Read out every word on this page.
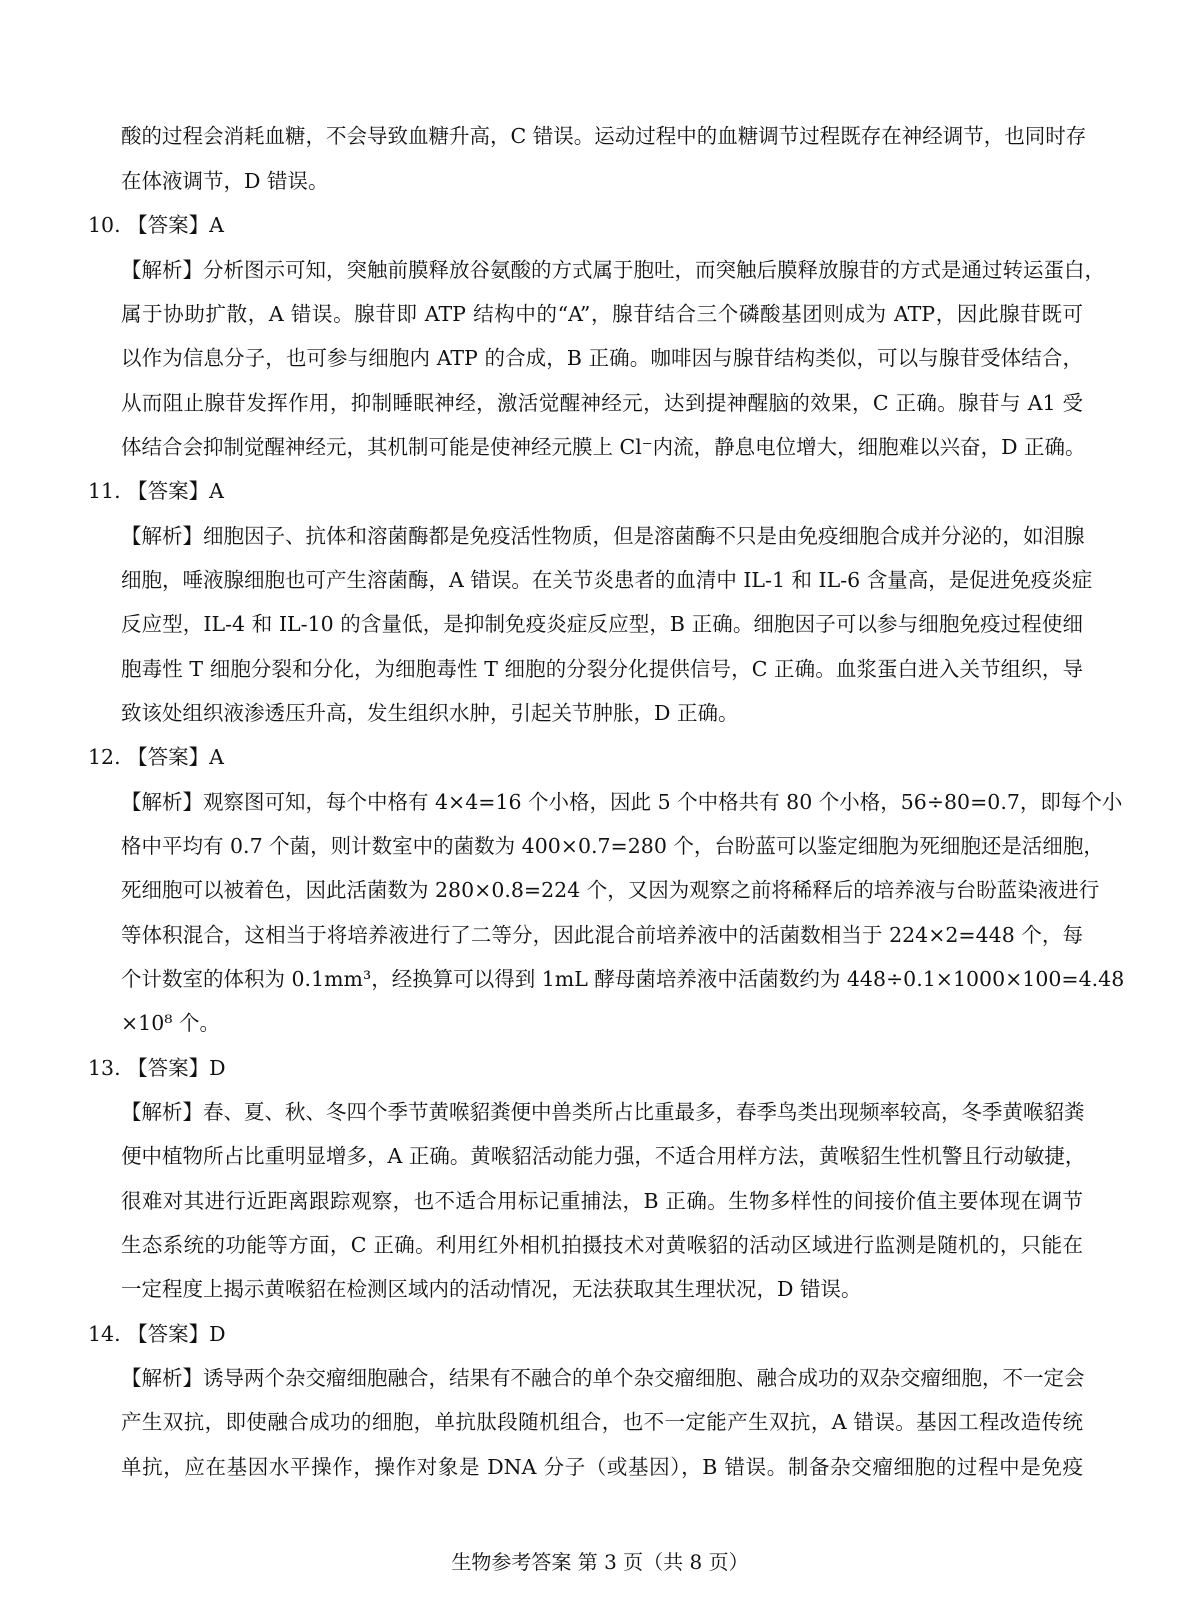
酸的过程会消耗血糖，不会导致血糖升高，C 错误。运动过程中的血糖调节过程既存在神经调节，也同时存
在体液调节，D 错误。
10. 【答案】A
【解析】分析图示可知，突触前膜释放谷氨酸的方式属于胞吐，而突触后膜释放腺苷的方式是通过转运蛋白，
属于协助扩散，A 错误。腺苷即 ATP 结构中的“A”，腺苷结合三个磷酸基团则成为 ATP，因此腺苷既可
以作为信息分子，也可参与细胞内 ATP 的合成，B 正确。咖啡因与腺苷结构类似，可以与腺苷受体结合，
从而阻止腺苷发挥作用，抑制睡眠神经，激活觉醒神经元，达到提神醒脑的效果，C 正确。腺苷与 A1 受
体结合会抑制觉醒神经元，其机制可能是使神经元膜上 Cl⁻内流，静息电位增大，细胞难以兴奋，D 正确。
11. 【答案】A
【解析】细胞因子、抗体和溶菌酶都是免疫活性物质，但是溶菌酶不只是由免疫细胞合成并分泌的，如泪腺
细胞，唾液腺细胞也可产生溶菌酶，A 错误。在关节炎患者的血清中 IL-1 和 IL-6 含量高，是促进免疫炎症
反应型，IL-4 和 IL-10 的含量低，是抑制免疫炎症反应型，B 正确。细胞因子可以参与细胞免疫过程使细
胞毒性 T 细胞分裂和分化，为细胞毒性 T 细胞的分裂分化提供信号，C 正确。血浆蛋白进入关节组织，导
致该处组织液渗透压升高，发生组织水肿，引起关节肿胀，D 正确。
12. 【答案】A
【解析】观察图可知，每个中格有 4×4=16 个小格，因此 5 个中格共有 80 个小格，56÷80=0.7，即每个小
格中平均有 0.7 个菌，则计数室中的菌数为 400×0.7=280 个，台盼蓝可以鉴定细胞为死细胞还是活细胞，
死细胞可以被着色，因此活菌数为 280×0.8=224 个，又因为观察之前将稀释后的培养液与台盼蓝染液进行
等体积混合，这相当于将培养液进行了二等分，因此混合前培养液中的活菌数相当于 224×2=448 个，每
个计数室的体积为 0.1mm³，经换算可以得到 1mL 酵母菌培养液中活菌数约为 448÷0.1×1000×100=4.48
×10⁸ 个。
13. 【答案】D
【解析】春、夏、秋、冬四个季节黄喉貂粪便中兽类所占比重最多，春季鸟类出现频率较高，冬季黄喉貂粪
便中植物所占比重明显增多，A 正确。黄喉貂活动能力强，不适合用样方法，黄喉貂生性机警且行动敏捷，
很难对其进行近距离跟踪观察，也不适合用标记重捕法，B 正确。生物多样性的间接价值主要体现在调节
生态系统的功能等方面，C 正确。利用红外相机拍摄技术对黄喉貂的活动区域进行监测是随机的，只能在
一定程度上揭示黄喉貂在检测区域内的活动情况，无法获取其生理状况，D 错误。
14. 【答案】D
【解析】诱导两个杂交瘤细胞融合，结果有不融合的单个杂交瘤细胞、融合成功的双杂交瘤细胞，不一定会
产生双抗，即使融合成功的细胞，单抗肽段随机组合，也不一定能产生双抗，A 错误。基因工程改造传统
单抗，应在基因水平操作，操作对象是 DNA 分子（或基因），B 错误。制备杂交瘤细胞的过程中是免疫
生物参考答案 第 3 页（共 8 页）
